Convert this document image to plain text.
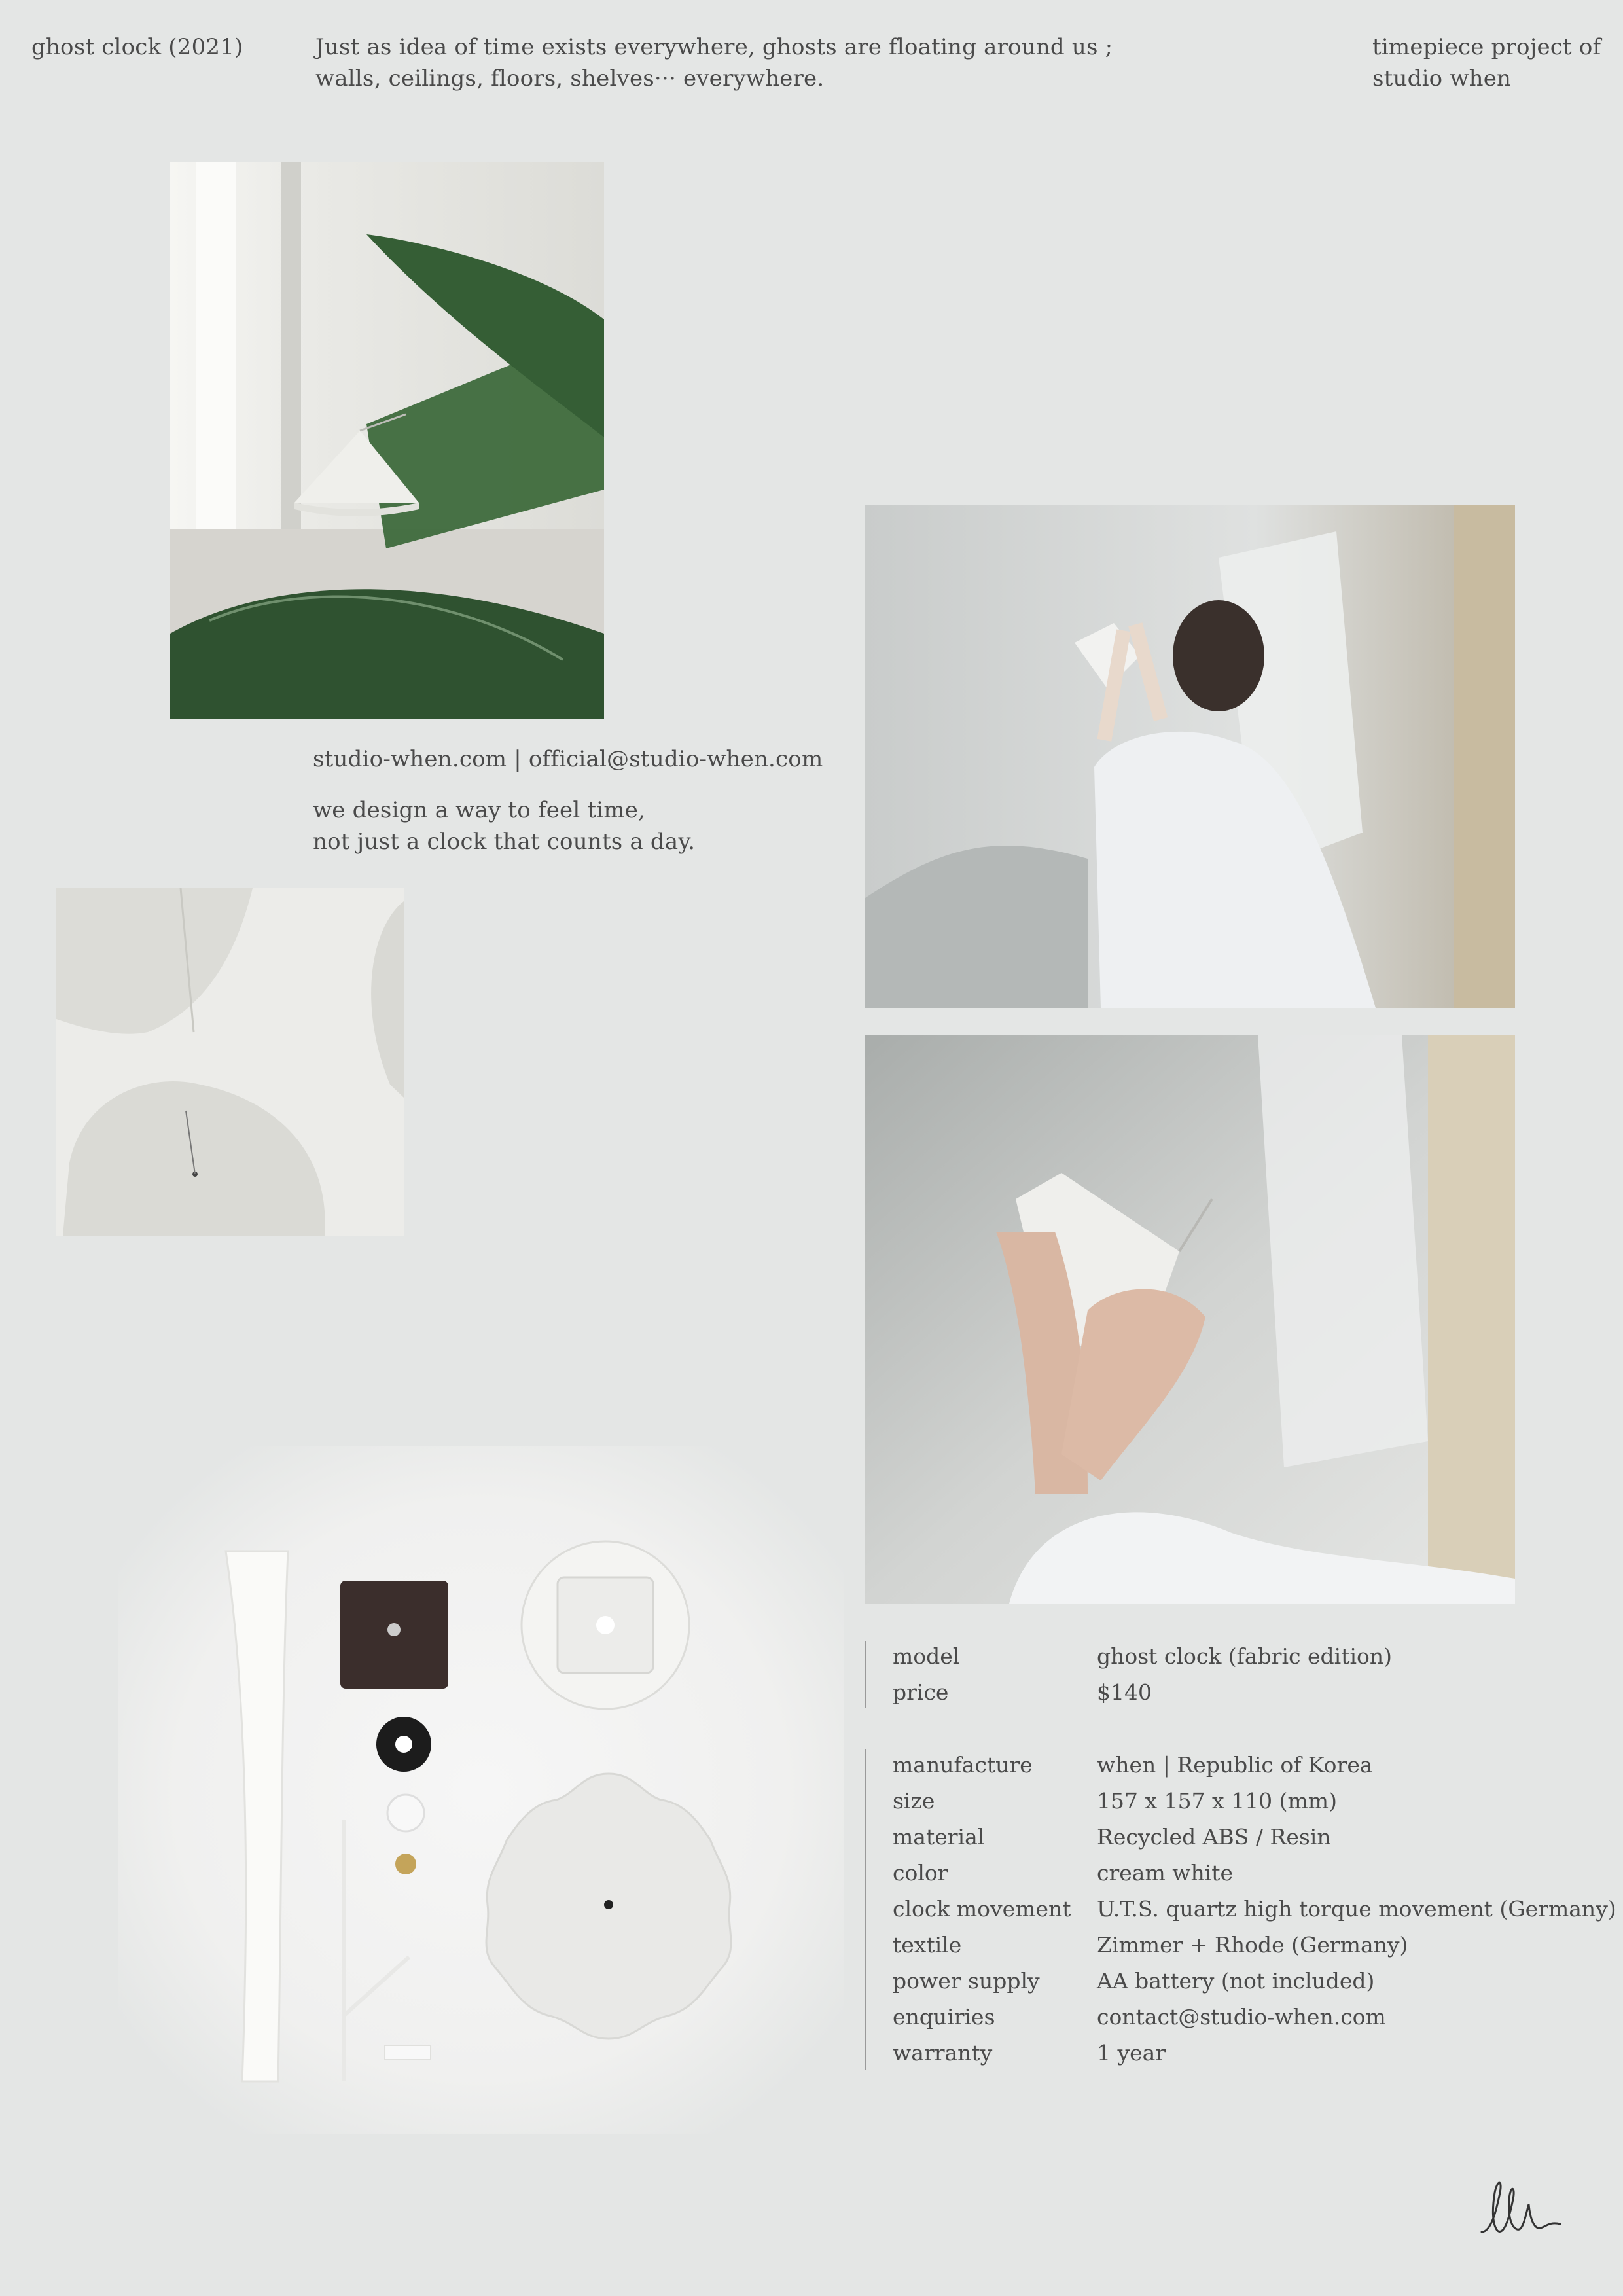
ghost clock (2021)	Just as idea of time exists everywhere, ghosts are floating around us ;
walls, ceilings, floors, shelves··· everywhere.
timepiece project of
studio when
studio-when.com | official@studio-when.com
we design a way to feel time,
not just a clock that counts a day.
model	ghost clock (fabric edition)
price	$140
manufacture	when | Republic of Korea
size	157 x 157 x 110 (mm)
material	Recycled ABS / Resin
color	cream white
clock movement	U.T.S. quartz high torque movement (Germany)
textile	Zimmer + Rhode (Germany)
power supply	AA battery (not included)
enquiries	contact@studio-when.com
warranty	1 year
